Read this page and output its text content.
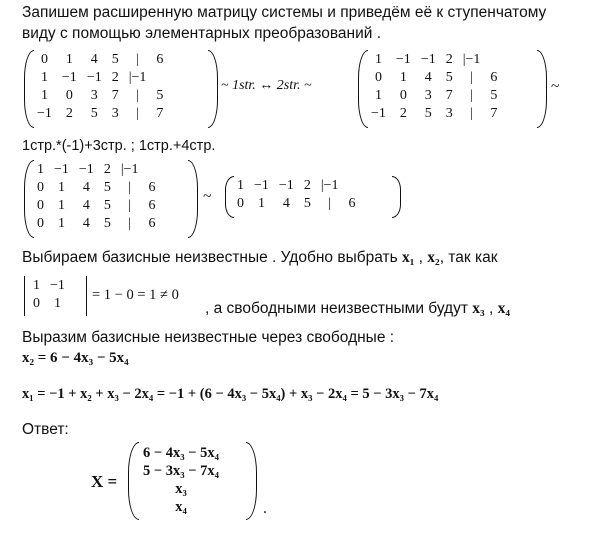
Запишем расширенную матрицу системы и приведём её к ступенчатому
виду с помощью элементарных преобразований .
0	1	4	5	|	6
1	−1	−1	2	|−1	
1	0	3	7	|	5
−1	2	5	3	|	7
~ 1str. ↔ 2str. ~
1	−1	−1	2	|−1	
0	1	4	5	|	6
1	0	3	7	|	5
−1	2	5	3	|	7
~
1стр.*(-1)+3стр. ; 1стр.+4стр.
1	−1	−1	2	|−1	
0	1	4	5	|	6
0	1	4	5	|	6
0	1	4	5	|	6
~
1	−1	−1	2	|−1	
0	1	4	5	|	6
Выбираем базисные неизвестные . Удобно выбрать x₁ , x₂, так как
1	−1
0	1
= 1 − 0 = 1 ≠ 0
, а свободными неизвестными будут x₃ , x₄
Выразим базисные неизвестные через свободные :
x₂ = 6 − 4x₃ − 5x₄
x₁ = −1 + x₂ + x₃ − 2x₄ = −1 + (6 − 4x₃ − 5x₄) + x₃ − 2x₄ = 5 − 3x₃ − 7x₄
Ответ:
X =
6 − 4x₃ − 5x₄
5 − 3x₃ − 7x₄
x₃
x₄	.
